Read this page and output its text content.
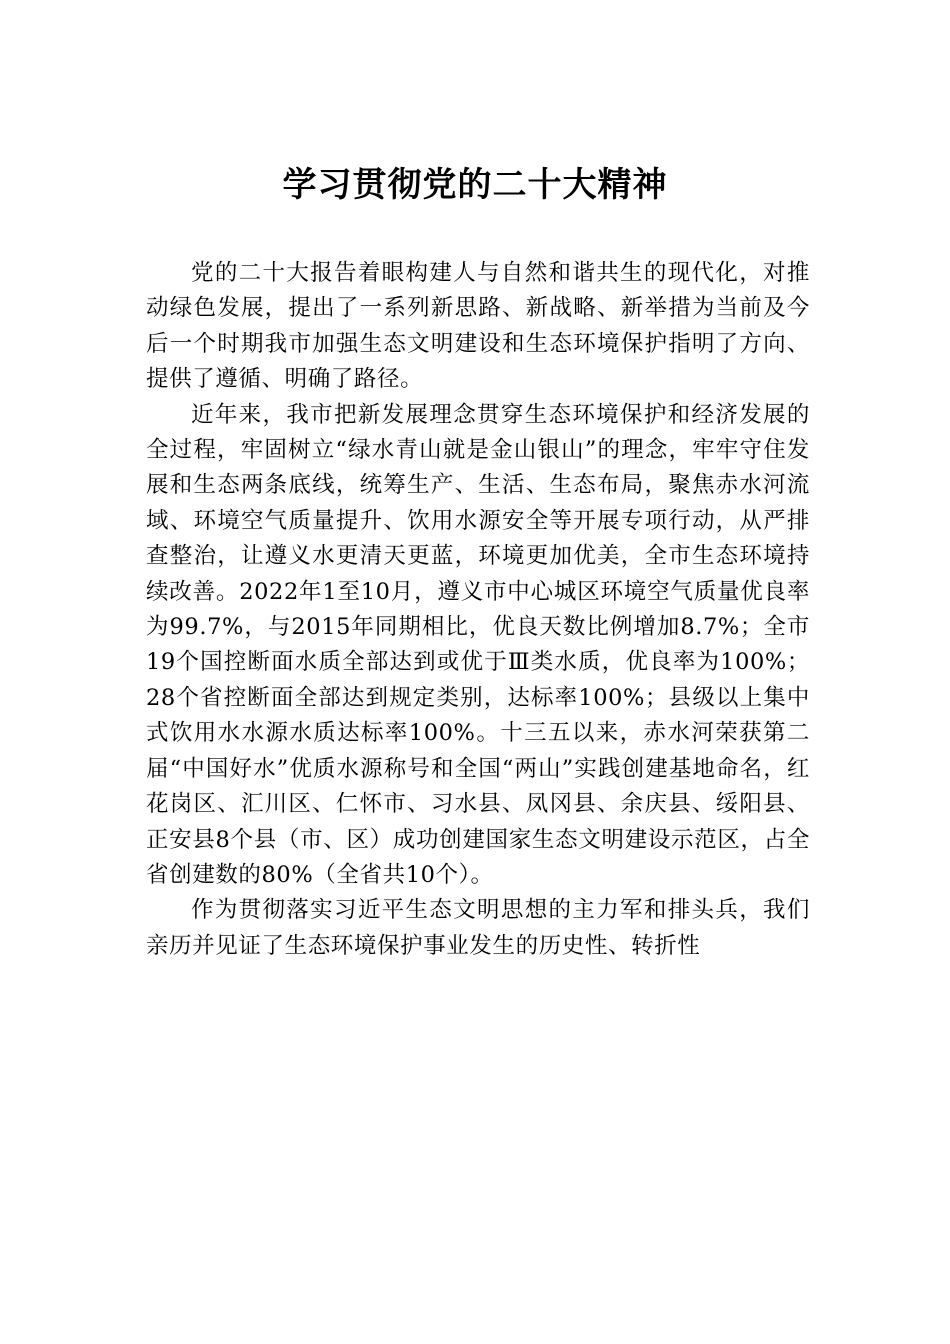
学习贯彻党的二十大精神

党的二十大报告着眼构建人与自然和谐共生的现代化，对推动绿色发展，提出了一系列新思路、新战略、新举措为当前及今后一个时期我市加强生态文明建设和生态环境保护指明了方向、提供了遵循、明确了路径。

近年来，我市把新发展理念贯穿生态环境保护和经济发展的全过程，牢固树立“绿水青山就是金山银山”的理念，牢牢守住发展和生态两条底线，统筹生产、生活、生态布局，聚焦赤水河流域、环境空气质量提升、饮用水源安全等开展专项行动，从严排查整治，让遵义水更清天更蓝，环境更加优美，全市生态环境持续改善。2022年1至10月，遵义市中心城区环境空气质量优良率为99.7%，与2015年同期相比，优良天数比例增加8.7%；全市19个国控断面水质全部达到或优于Ⅲ类水质，优良率为100%；28个省控断面全部达到规定类别，达标率100%；县级以上集中式饮用水水源水质达标率100%。十三五以来，赤水河荣获第二届“中国好水”优质水源称号和全国“两山”实践创建基地命名，红花岗区、汇川区、仁怀市、习水县、凤冈县、余庆县、绥阳县、正安县8个县（市、区）成功创建国家生态文明建设示范区，占全省创建数的80%（全省共10个）。

作为贯彻落实习近平生态文明思想的主力军和排头兵，我们亲历并见证了生态环境保护事业发生的历史性、转折性
